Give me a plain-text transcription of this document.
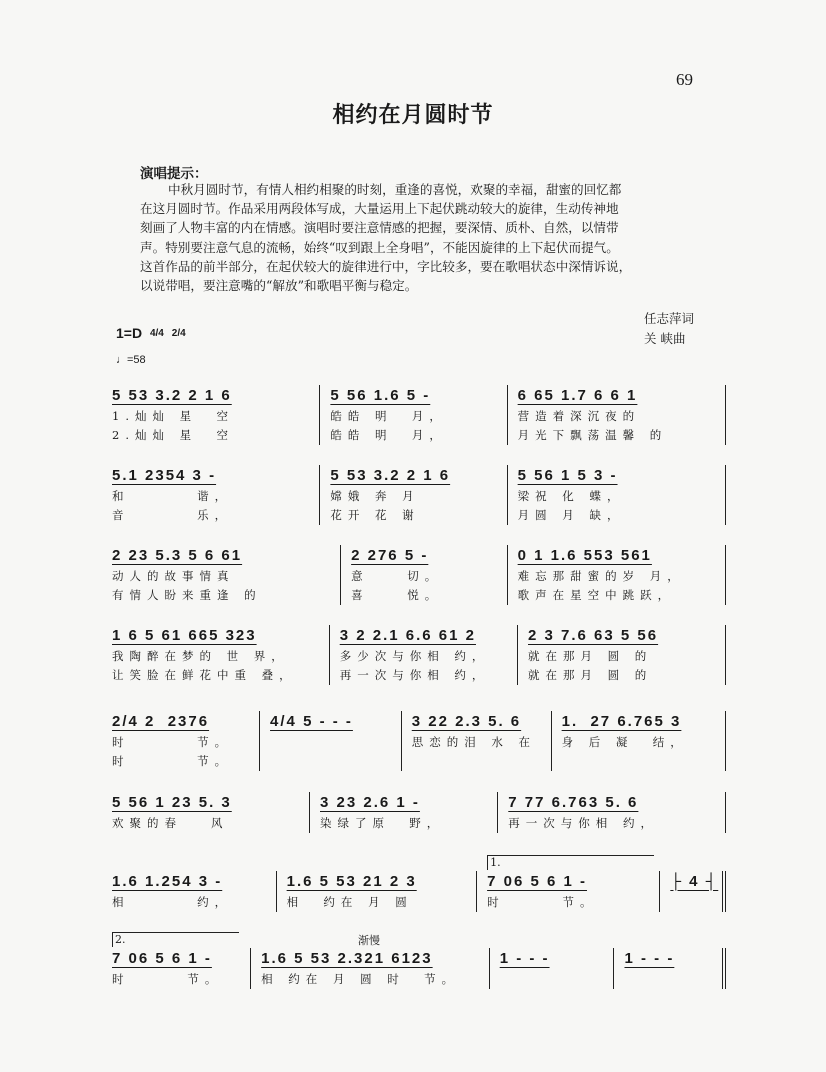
69
相约在月圆时节
演唱提示：
中秋月圆时节，有情人相约相聚的时刻，重逢的喜悦，欢聚的幸福，甜蜜的回忆都
在这月圆时节。作品采用两段体写成，大量运用上下起伏跳动较大的旋律，生动传神地
刻画了人物丰富的内在情感。演唱时要注意情感的把握，要深情、质朴、自然，以情带
声。特别要注意气息的流畅，始终“叹到跟上全身唱”，不能因旋律的上下起伏而提气。
这首作品的前半部分，在起伏较大的旋律进行中，字比较多，要在歌唱状态中深情诉说，
以说带唱，要注意嘴的“解放”和歌唱平衡与稳定。
任志萍词
关 峡曲
1=D 4/4 2/4
♩=58
5 53 3.2 2 1 6
1.灿灿 星  空
2.灿灿 星  空
5 56 1.6 5 -
皓皓 明  月，
皓皓 明  月，
6 65 1.7 6 6 1
营造着深沉夜的
月光下飘荡温馨 的
5.1 2354 3 -
和       谐，
音       乐，
5 53 3.2 2 1 6
嫦娥 奔 月
花开 花 谢
5 56 1 5 3 -
梁祝 化 蝶，
月圆 月 缺，
2 23 5.3 5 6 61
动人的故事情真
有情人盼来重逢 的
2 276 5 -
意    切。
喜    悦。
0 1 1.6 553 561
难忘那甜蜜的岁 月，
歌声在星空中跳跃，
1 6 5 61 665 323
我陶醉在梦的 世 界，
让笑脸在鲜花中重 叠，
3 2 2.1 6.6 61 2
多少次与你相 约，
再一次与你相 约，
2 3 7.6 63 5 56
就在那月 圆 的
就在那月 圆 的
2/4 2  2376
时       节。
时       节。
4/4 5 - - -	3 22 2.3 5. 6
思恋的泪 水 在
1.  27 6.765 3
身 后 凝  结，
5 56 1 23 5. 3
欢聚的春   风
3 23 2.6 1 -
染绿了原  野，
7 77 6.763 5. 6
再一次与你相 约，
1.6 1.254 3 -
相       约，
1.6 5 53 21 2 3
相  约在 月 圆
1.
7 06 5 6 1 -
时      节。
├ 4 ┤
2.
7 06 5 6 1 -
时      节。
渐慢
1.6 5 53 2.321 6123
相 约在 月 圆 时  节。
1 - - -	1 - - -
